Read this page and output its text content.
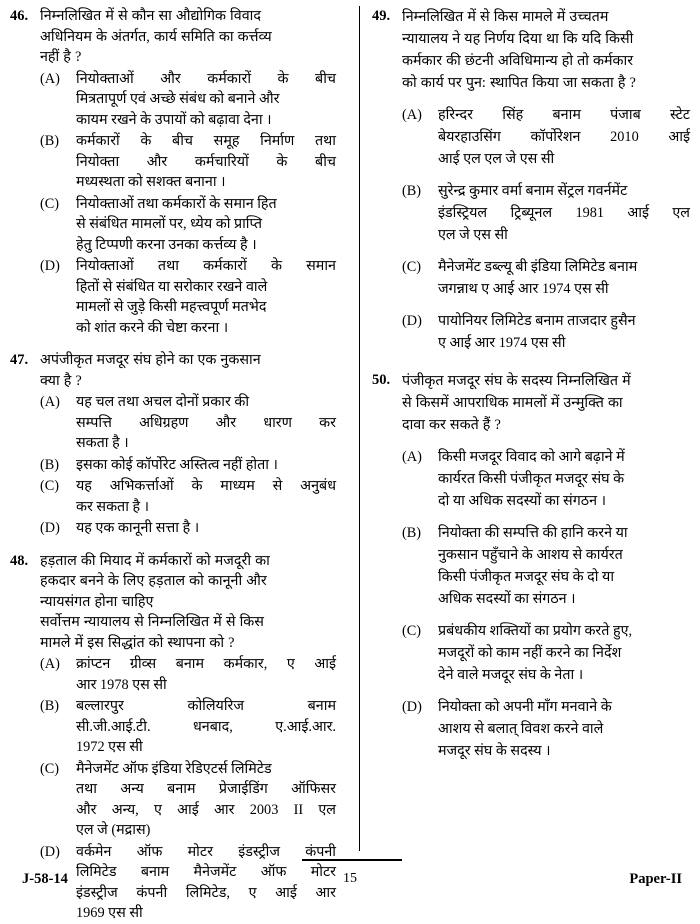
46. निम्नलिखित में से कौन सा औद्योगिक विवाद

अधिनियम के अंतर्गत, कार्य समिति का कर्त्तव्य

नहीं है ?

(A)	नियोक्ताओं और कर्मकारों के बीच

मित्रतापूर्ण एवं अच्छे संबंध को बनाने और

कायम रखने के उपायों को बढ़ावा देना ।

(B)	कर्मकारों के बीच समूह निर्माण तथा

नियोक्ता और कर्मचारियों के बीच

मध्यस्थता को सशक्त बनाना ।

(C)	नियोक्ताओं तथा कर्मकारों के समान हित

से संबंधित मामलों पर, ध्येय को प्राप्ति

हेतु टिप्पणी करना उनका कर्त्तव्य है ।

(D)	नियोक्ताओं तथा कर्मकारों के समान

हितों से संबंधित या सरोकार रखने वाले

मामलों से जुड़े किसी महत्त्वपूर्ण मतभेद

को शांत करने की चेष्टा करना ।

47. अपंजीकृत मजदूर संघ होने का एक नुकसान

क्या है ?

(A)	यह चल तथा अचल दोनों प्रकार की

सम्पत्ति अधिग्रहण और धारण कर

सकता है ।

(B)	इसका कोई कॉर्पोरेट अस्तित्व नहीं होता ।

(C)	यह अभिकर्त्ताओं के माध्यम से अनुबंध

कर सकता है ।

(D)	यह एक कानूनी सत्ता है ।

48. हड़ताल की मियाद में कर्मकारों को मजदूरी का

हकदार बनने के लिए हड़ताल को कानूनी और

न्यायसंगत होना चाहिए

सर्वोत्तम न्यायालय से निम्नलिखित में से किस

मामले में इस सिद्धांत को स्थापना को ?

(A)	क्रांप्टन ग्रीव्स बनाम कर्मकार, ए आई

आर 1978 एस सी

(B)	बल्लारपुर कोलियरिज बनाम

सी.जी.आई.टी. धनबाद, ए.आई.आर.

1972 एस सी

(C)	मैनेजमेंट ऑफ इंडिया रेडिएटर्स लिमिटेड

तथा अन्य बनाम प्रेजाईडिंग ऑफिसर

और अन्य, ए आई आर 2003 II एल

एल जे (मद्रास)

(D)	वर्कमेन ऑफ मोटर इंडस्ट्रीज कंपनी

लिमिटेड बनाम मैनेजमेंट ऑफ मोटर

इंडस्ट्रीज कंपनी लिमिटेड, ए आई आर

1969 एस सी

49. निम्नलिखित में से किस मामले में उच्चतम

न्यायालय ने यह निर्णय दिया था कि यदि किसी

कर्मकार की छंटनी अविधिमान्य हो तो कर्मकार

को कार्य पर पुन: स्थापित किया जा सकता है ?

(A)	हरिन्दर सिंह बनाम पंजाब स्टेट

बेयरहाउसिंग कॉर्पोरेशन 2010 आई

आई एल एल जे एस सी

(B)	सुरेन्द्र कुमार वर्मा बनाम सेंट्रल गवर्नमेंट

इंडस्ट्रियल ट्रिब्यूनल 1981 आई एल

एल जे एस सी

(C)	मैनेजमेंट डब्ल्यू बी इंडिया लिमिटेड बनाम

जगन्नाथ ए आई आर 1974 एस सी

(D)	पायोनियर लिमिटेड बनाम ताजदार हुसैन

ए आई आर 1974 एस सी

50. पंजीकृत मजदूर संघ के सदस्य निम्नलिखित में

से किसमें आपराधिक मामलों में उन्मुक्ति का

दावा कर सकते हैं ?

(A)	किसी मजदूर विवाद को आगे बढ़ाने में

कार्यरत किसी पंजीकृत मजदूर संघ के

दो या अधिक सदस्यों का संगठन ।

(B)	नियोक्ता की सम्पत्ति की हानि करने या

नुकसान पहुँचाने के आशय से कार्यरत

किसी पंजीकृत मजदूर संघ के दो या

अधिक सदस्यों का संगठन ।

(C)	प्रबंधकीय शक्तियों का प्रयोग करते हुए,

मजदूरों को काम नहीं करने का निर्देश

देने वाले मजदूर संघ के नेता ।

(D)	नियोक्ता को अपनी माँग मनवाने के

आशय से बलात् विवश करने वाले

मजदूर संघ के सदस्य ।

J-58-14	15	Paper-II
